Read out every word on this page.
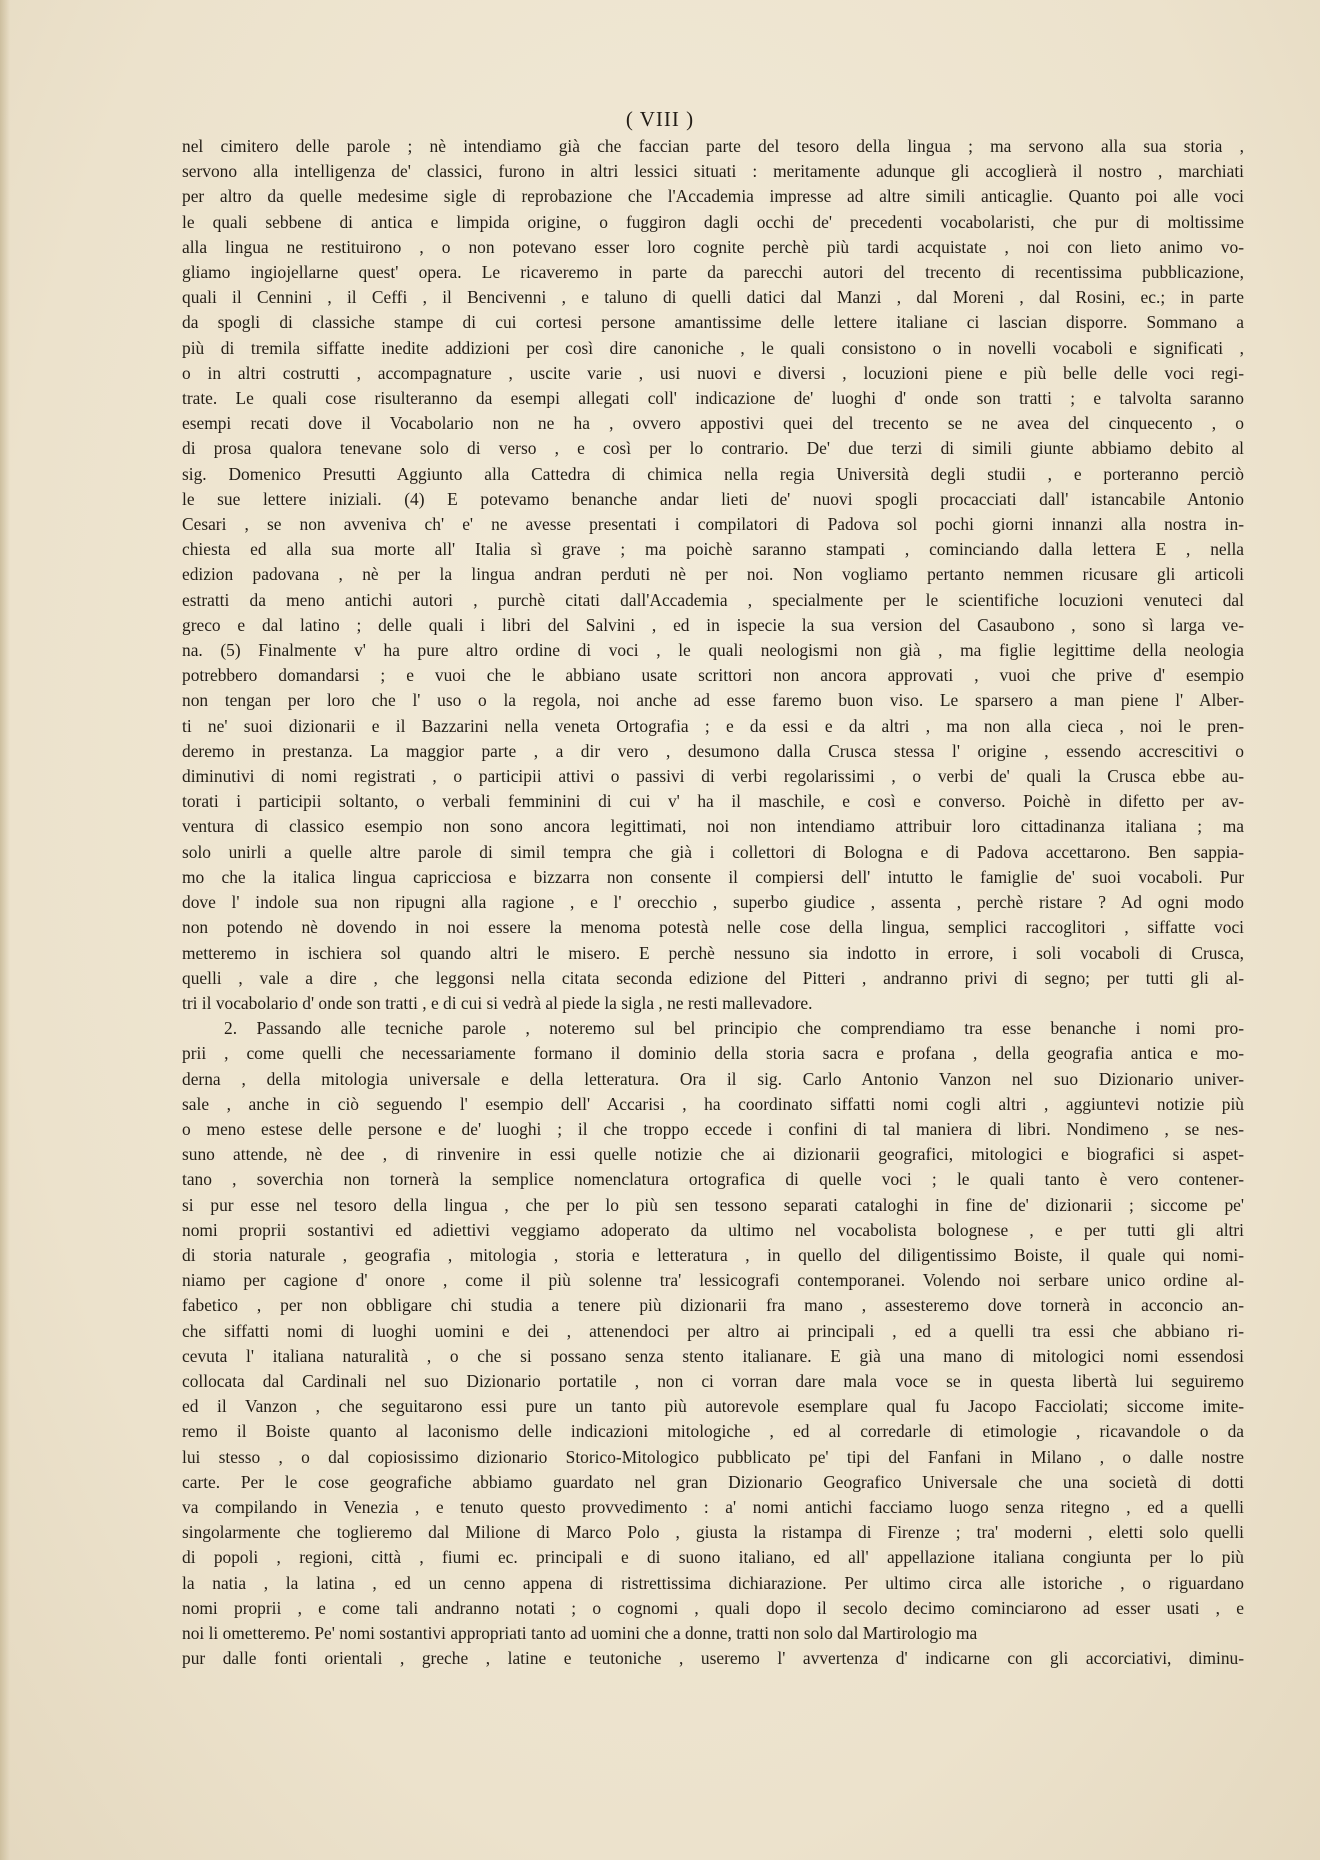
( VIII )
nel cimitero delle parole ; nè intendiamo già che faccian parte del tesoro della lingua ; ma servono alla sua storia ,
servono alla intelligenza de' classici, furono in altri lessici situati : meritamente adunque gli accoglierà il nostro , marchiati
per altro da quelle medesime sigle di reprobazione che l'Accademia impresse ad altre simili anticaglie. Quanto poi alle voci
le quali sebbene di antica e limpida origine, o fuggiron dagli occhi de' precedenti vocabolaristi, che pur di moltissime
alla lingua ne restituirono , o non potevano esser loro cognite perchè più tardi acquistate , noi con lieto animo vo-
gliamo ingiojellarne quest' opera. Le ricaveremo in parte da parecchi autori del trecento di recentissima pubblicazione,
quali il Cennini , il Ceffi , il Bencivenni , e taluno di quelli datici dal Manzi , dal Moreni , dal Rosini, ec.; in parte
da spogli di classiche stampe di cui cortesi persone amantissime delle lettere italiane ci lascian disporre. Sommano a
più di tremila siffatte inedite addizioni per così dire canoniche , le quali consistono o in novelli vocaboli e significati ,
o in altri costrutti , accompagnature , uscite varie , usi nuovi e diversi , locuzioni piene e più belle delle voci regi-
trate. Le quali cose risulteranno da esempi allegati coll' indicazione de' luoghi d' onde son tratti ; e talvolta saranno
esempi recati dove il Vocabolario non ne ha , ovvero appostivi quei del trecento se ne avea del cinquecento , o
di prosa qualora tenevane solo di verso , e così per lo contrario. De' due terzi di simili giunte abbiamo debito al
sig. Domenico Presutti Aggiunto alla Cattedra di chimica nella regia Università degli studii , e porteranno perciò
le sue lettere iniziali. (4) E potevamo benanche andar lieti de' nuovi spogli procacciati dall' istancabile Antonio
Cesari , se non avveniva ch' e' ne avesse presentati i compilatori di Padova sol pochi giorni innanzi alla nostra in-
chiesta ed alla sua morte all' Italia sì grave ; ma poichè saranno stampati , cominciando dalla lettera E , nella
edizion padovana , nè per la lingua andran perduti nè per noi. Non vogliamo pertanto nemmen ricusare gli articoli
estratti da meno antichi autori , purchè citati dall'Accademia , specialmente per le scientifiche locuzioni venuteci dal
greco e dal latino ; delle quali i libri del Salvini , ed in ispecie la sua version del Casaubono , sono sì larga ve-
na. (5) Finalmente v' ha pure altro ordine di voci , le quali neologismi non già , ma figlie legittime della neologia
potrebbero domandarsi ; e vuoi che le abbiano usate scrittori non ancora approvati , vuoi che prive d' esempio
non tengan per loro che l' uso o la regola, noi anche ad esse faremo buon viso. Le sparsero a man piene l' Alber-
ti ne' suoi dizionarii e il Bazzarini nella veneta Ortografia ; e da essi e da altri , ma non alla cieca , noi le pren-
deremo in prestanza. La maggior parte , a dir vero , desumono dalla Crusca stessa l' origine , essendo accrescitivi o
diminutivi di nomi registrati , o participii attivi o passivi di verbi regolarissimi , o verbi de' quali la Crusca ebbe au-
torati i participii soltanto, o verbali femminini di cui v' ha il maschile, e così e converso. Poichè in difetto per av-
ventura di classico esempio non sono ancora legittimati, noi non intendiamo attribuir loro cittadinanza italiana ; ma
solo unirli a quelle altre parole di simil tempra che già i collettori di Bologna e di Padova accettarono. Ben sappia-
mo che la italica lingua capricciosa e bizzarra non consente il compiersi dell' intutto le famiglie de' suoi vocaboli. Pur
dove l' indole sua non ripugni alla ragione , e l' orecchio , superbo giudice , assenta , perchè ristare ? Ad ogni modo
non potendo nè dovendo in noi essere la menoma potestà nelle cose della lingua, semplici raccoglitori , siffatte voci
metteremo in ischiera sol quando altri le misero. E perchè nessuno sia indotto in errore, i soli vocaboli di Crusca,
quelli , vale a dire , che leggonsi nella citata seconda edizione del Pitteri , andranno privi di segno; per tutti gli al-
tri il vocabolario d' onde son tratti , e di cui si vedrà al piede la sigla , ne resti mallevadore.
2. Passando alle tecniche parole , noteremo sul bel principio che comprendiamo tra esse benanche i nomi pro-
prii , come quelli che necessariamente formano il dominio della storia sacra e profana , della geografia antica e mo-
derna , della mitologia universale e della letteratura. Ora il sig. Carlo Antonio Vanzon nel suo Dizionario univer-
sale , anche in ciò seguendo l' esempio dell' Accarisi , ha coordinato siffatti nomi cogli altri , aggiuntevi notizie più
o meno estese delle persone e de' luoghi ; il che troppo eccede i confini di tal maniera di libri. Nondimeno , se nes-
suno attende, nè dee , di rinvenire in essi quelle notizie che ai dizionarii geografici, mitologici e biografici si aspet-
tano , soverchia non tornerà la semplice nomenclatura ortografica di quelle voci ; le quali tanto è vero contener-
si pur esse nel tesoro della lingua , che per lo più sen tessono separati cataloghi in fine de' dizionarii ; siccome pe'
nomi proprii sostantivi ed adiettivi veggiamo adoperato da ultimo nel vocabolista bolognese , e per tutti gli altri
di storia naturale , geografia , mitologia , storia e letteratura , in quello del diligentissimo Boiste, il quale qui nomi-
niamo per cagione d' onore , come il più solenne tra' lessicografi contemporanei. Volendo noi serbare unico ordine al-
fabetico , per non obbligare chi studia a tenere più dizionarii fra mano , assesteremo dove tornerà in acconcio an-
che siffatti nomi di luoghi uomini e dei , attenendoci per altro ai principali , ed a quelli tra essi che abbiano ri-
cevuta l' italiana naturalità , o che si possano senza stento italianare. E già una mano di mitologici nomi essendosi
collocata dal Cardinali nel suo Dizionario portatile , non ci vorran dare mala voce se in questa libertà lui seguiremo
ed il Vanzon , che seguitarono essi pure un tanto più autorevole esemplare qual fu Jacopo Facciolati; siccome imite-
remo il Boiste quanto al laconismo delle indicazioni mitologiche , ed al corredarle di etimologie , ricavandole o da
lui stesso , o dal copiosissimo dizionario Storico-Mitologico pubblicato pe' tipi del Fanfani in Milano , o dalle nostre
carte. Per le cose geografiche abbiamo guardato nel gran Dizionario Geografico Universale che una società di dotti
va compilando in Venezia , e tenuto questo provvedimento : a' nomi antichi facciamo luogo senza ritegno , ed a quelli
singolarmente che toglieremo dal Milione di Marco Polo , giusta la ristampa di Firenze ; tra' moderni , eletti solo quelli
di popoli , regioni, città , fiumi ec. principali e di suono italiano, ed all' appellazione italiana congiunta per lo più
la natia , la latina , ed un cenno appena di ristrettissima dichiarazione. Per ultimo circa alle istoriche , o riguardano
nomi proprii , e come tali andranno notati ; o cognomi , quali dopo il secolo decimo cominciarono ad esser usati , e
noi li ometteremo. Pe' nomi sostantivi appropriati tanto ad uomini che a donne, tratti non solo dal Martirologio ma
pur dalle fonti orientali , greche , latine e teutoniche , useremo l' avvertenza d' indicarne con gli accorciativi, diminu-
